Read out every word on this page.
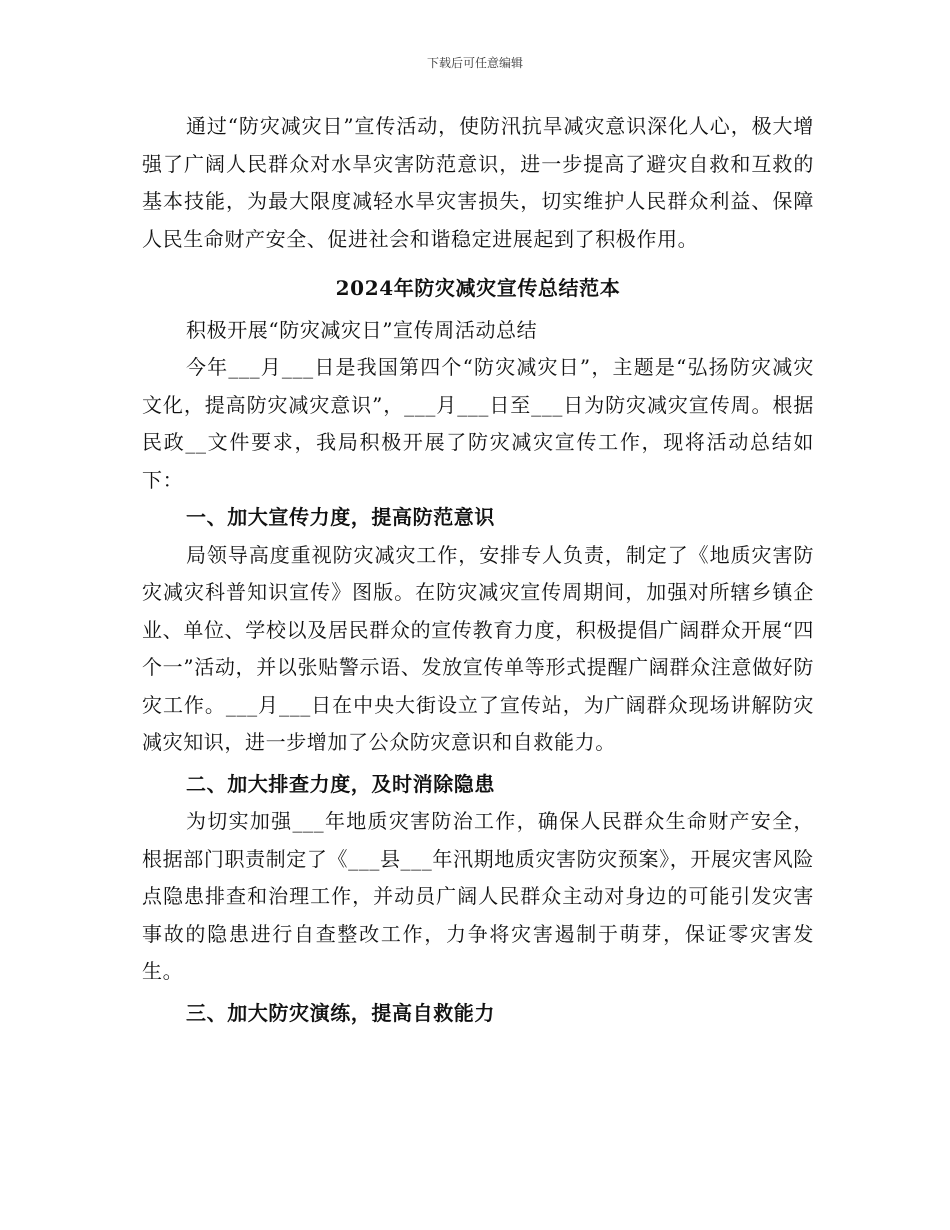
下载后可任意编辑

通过“防灾减灾日”宣传活动，使防汛抗旱减灾意识深化人心，极大增强了广阔人民群众对水旱灾害防范意识，进一步提高了避灾自救和互救的基本技能，为最大限度减轻水旱灾害损失，切实维护人民群众利益、保障人民生命财产安全、促进社会和谐稳定进展起到了积极作用。

2024年防灾减灾宣传总结范本

积极开展“防灾减灾日”宣传周活动总结

今年___月___日是我国第四个“防灾减灾日”，主题是“弘扬防灾减灾文化，提高防灾减灾意识”，___月___日至___日为防灾减灾宣传周。根据民政__文件要求，我局积极开展了防灾减灾宣传工作，现将活动总结如下：

一、加大宣传力度，提高防范意识

局领导高度重视防灾减灾工作，安排专人负责，制定了《地质灾害防灾减灾科普知识宣传》图版。在防灾减灾宣传周期间，加强对所辖乡镇企业、单位、学校以及居民群众的宣传教育力度，积极提倡广阔群众开展“四个一”活动，并以张贴警示语、发放宣传单等形式提醒广阔群众注意做好防灾工作。___月___日在中央大街设立了宣传站，为广阔群众现场讲解防灾减灾知识，进一步增加了公众防灾意识和自救能力。

二、加大排查力度，及时消除隐患

为切实加强___年地质灾害防治工作，确保人民群众生命财产安全，根据部门职责制定了《___县___年汛期地质灾害防灾预案》，开展灾害风险点隐患排查和治理工作，并动员广阔人民群众主动对身边的可能引发灾害事故的隐患进行自查整改工作，力争将灾害遏制于萌芽，保证零灾害发生。

三、加大防灾演练，提高自救能力
